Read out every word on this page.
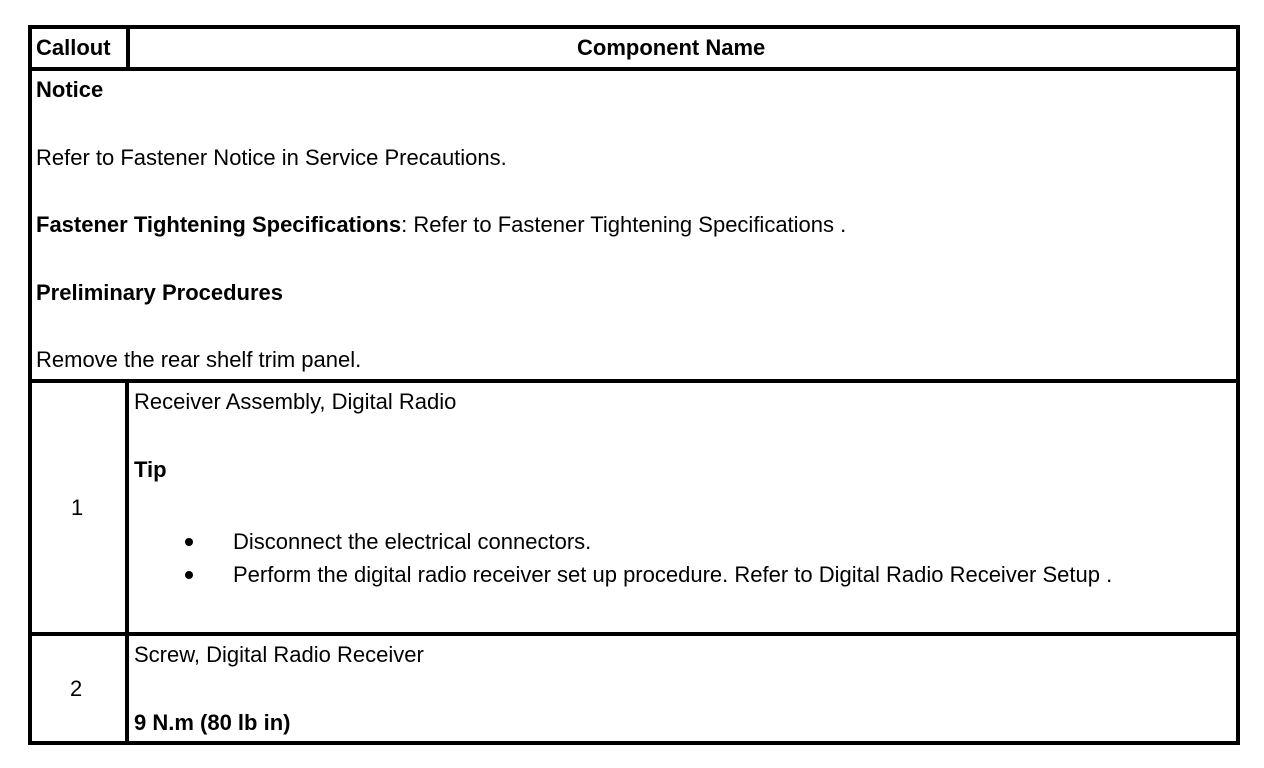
Callout	Component Name
Notice
Refer to Fastener Notice in Service Precautions.
Fastener Tightening Specifications: Refer to Fastener Tightening Specifications .
Preliminary Procedures
Remove the rear shelf trim panel.
1
Receiver Assembly, Digital Radio
Tip
Disconnect the electrical connectors.
Perform the digital radio receiver set up procedure. Refer to Digital Radio Receiver Setup .
2
Screw, Digital Radio Receiver
9 N.m (80 lb in)
